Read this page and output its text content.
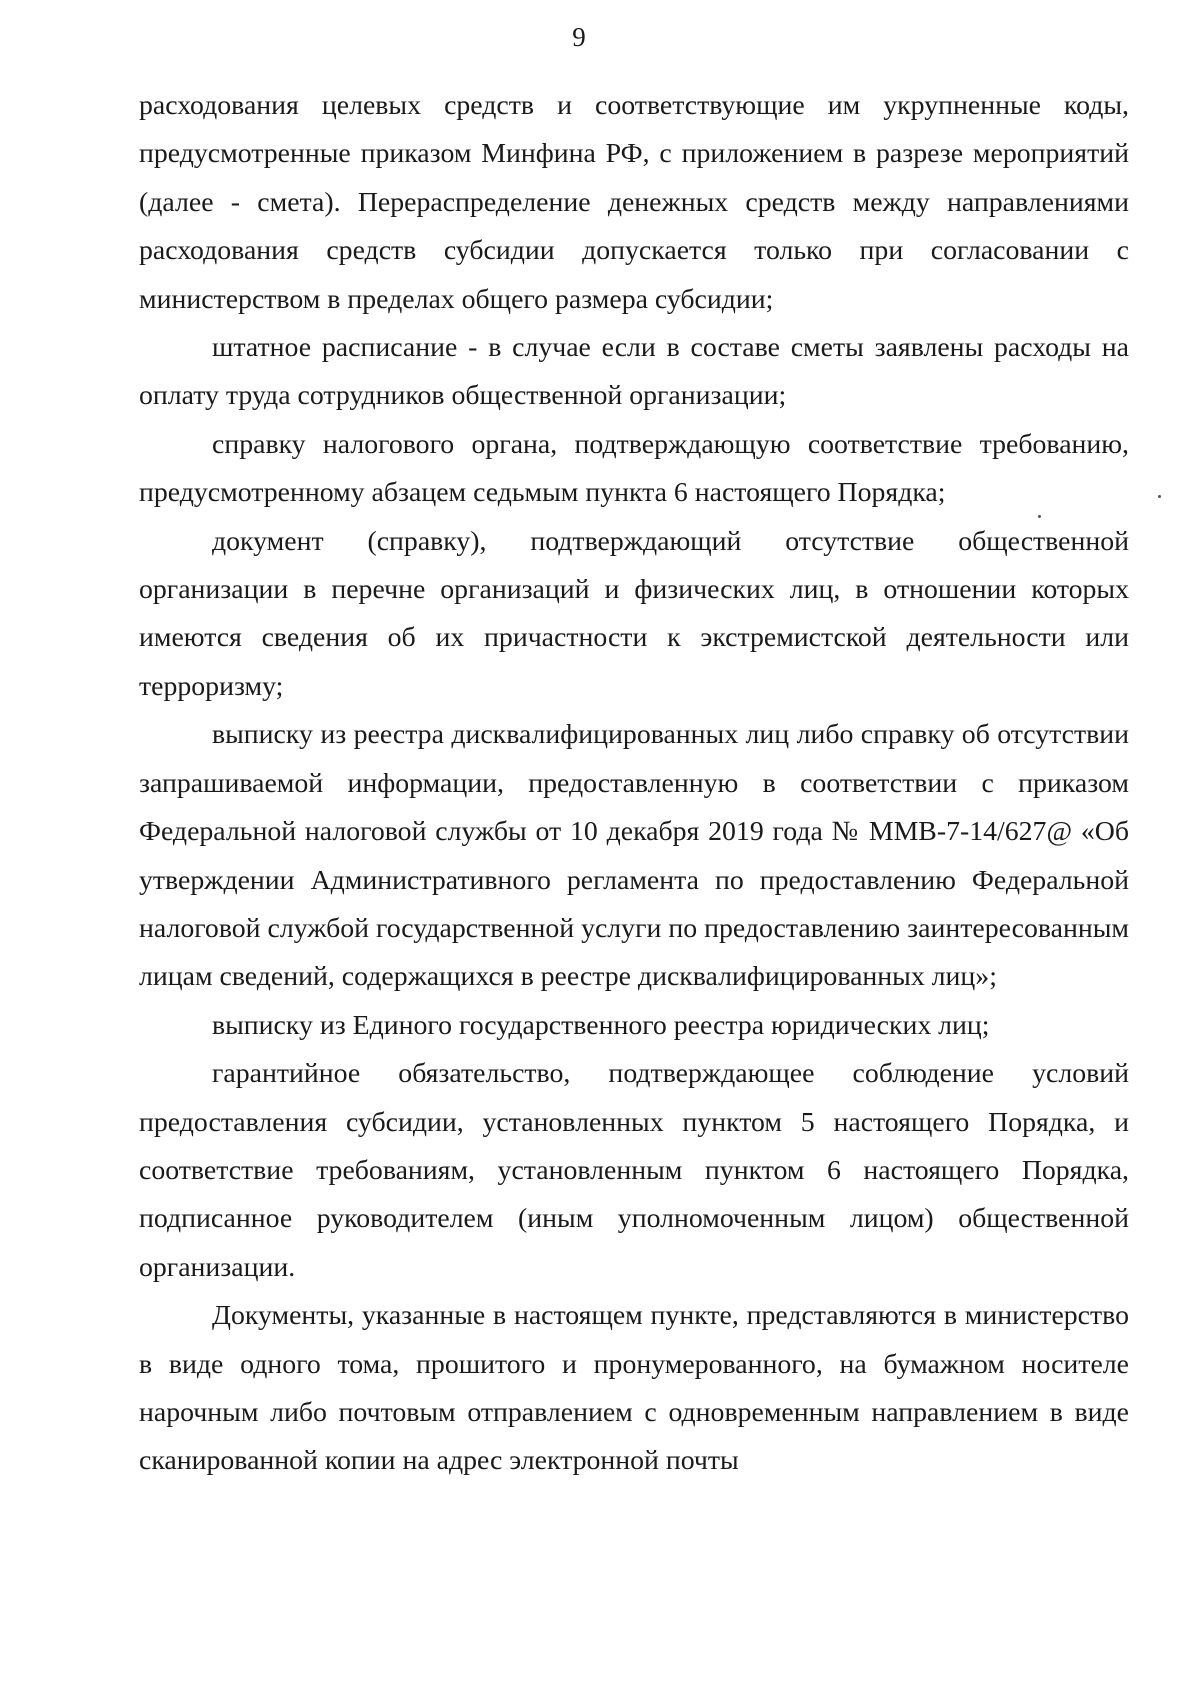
9

расходования целевых средств и соответствующие им укрупненные коды, предусмотренные приказом Минфина РФ, с приложением в разрезе мероприятий (далее - смета). Перераспределение денежных средств между направлениями расходования средств субсидии допускается только при согласовании с министерством в пределах общего размера субсидии;

штатное расписание - в случае если в составе сметы заявлены расходы на оплату труда сотрудников общественной организации;

справку налогового органа, подтверждающую соответствие требованию, предусмотренному абзацем седьмым пункта 6 настоящего Порядка;

документ (справку), подтверждающий отсутствие общественной организации в перечне организаций и физических лиц, в отношении которых имеются сведения об их причастности к экстремистской деятельности или терроризму;

выписку из реестра дисквалифицированных лиц либо справку об отсутствии запрашиваемой информации, предоставленную в соответствии с приказом Федеральной налоговой службы от 10 декабря 2019 года № ММВ-7-14/627@ «Об утверждении Административного регламента по предоставлению Федеральной налоговой службой государственной услуги по предоставлению заинтересованным лицам сведений, содержащихся в реестре дисквалифицированных лиц»;

выписку из Единого государственного реестра юридических лиц;

гарантийное обязательство, подтверждающее соблюдение условий предоставления субсидии, установленных пунктом 5 настоящего Порядка, и соответствие требованиям, установленным пунктом 6 настоящего Порядка, подписанное руководителем (иным уполномоченным лицом) общественной организации.

Документы, указанные в настоящем пункте, представляются в министерство в виде одного тома, прошитого и пронумерованного, на бумажном носителе нарочным либо почтовым отправлением с одновременным направлением в виде сканированной копии на адрес электронной почты
